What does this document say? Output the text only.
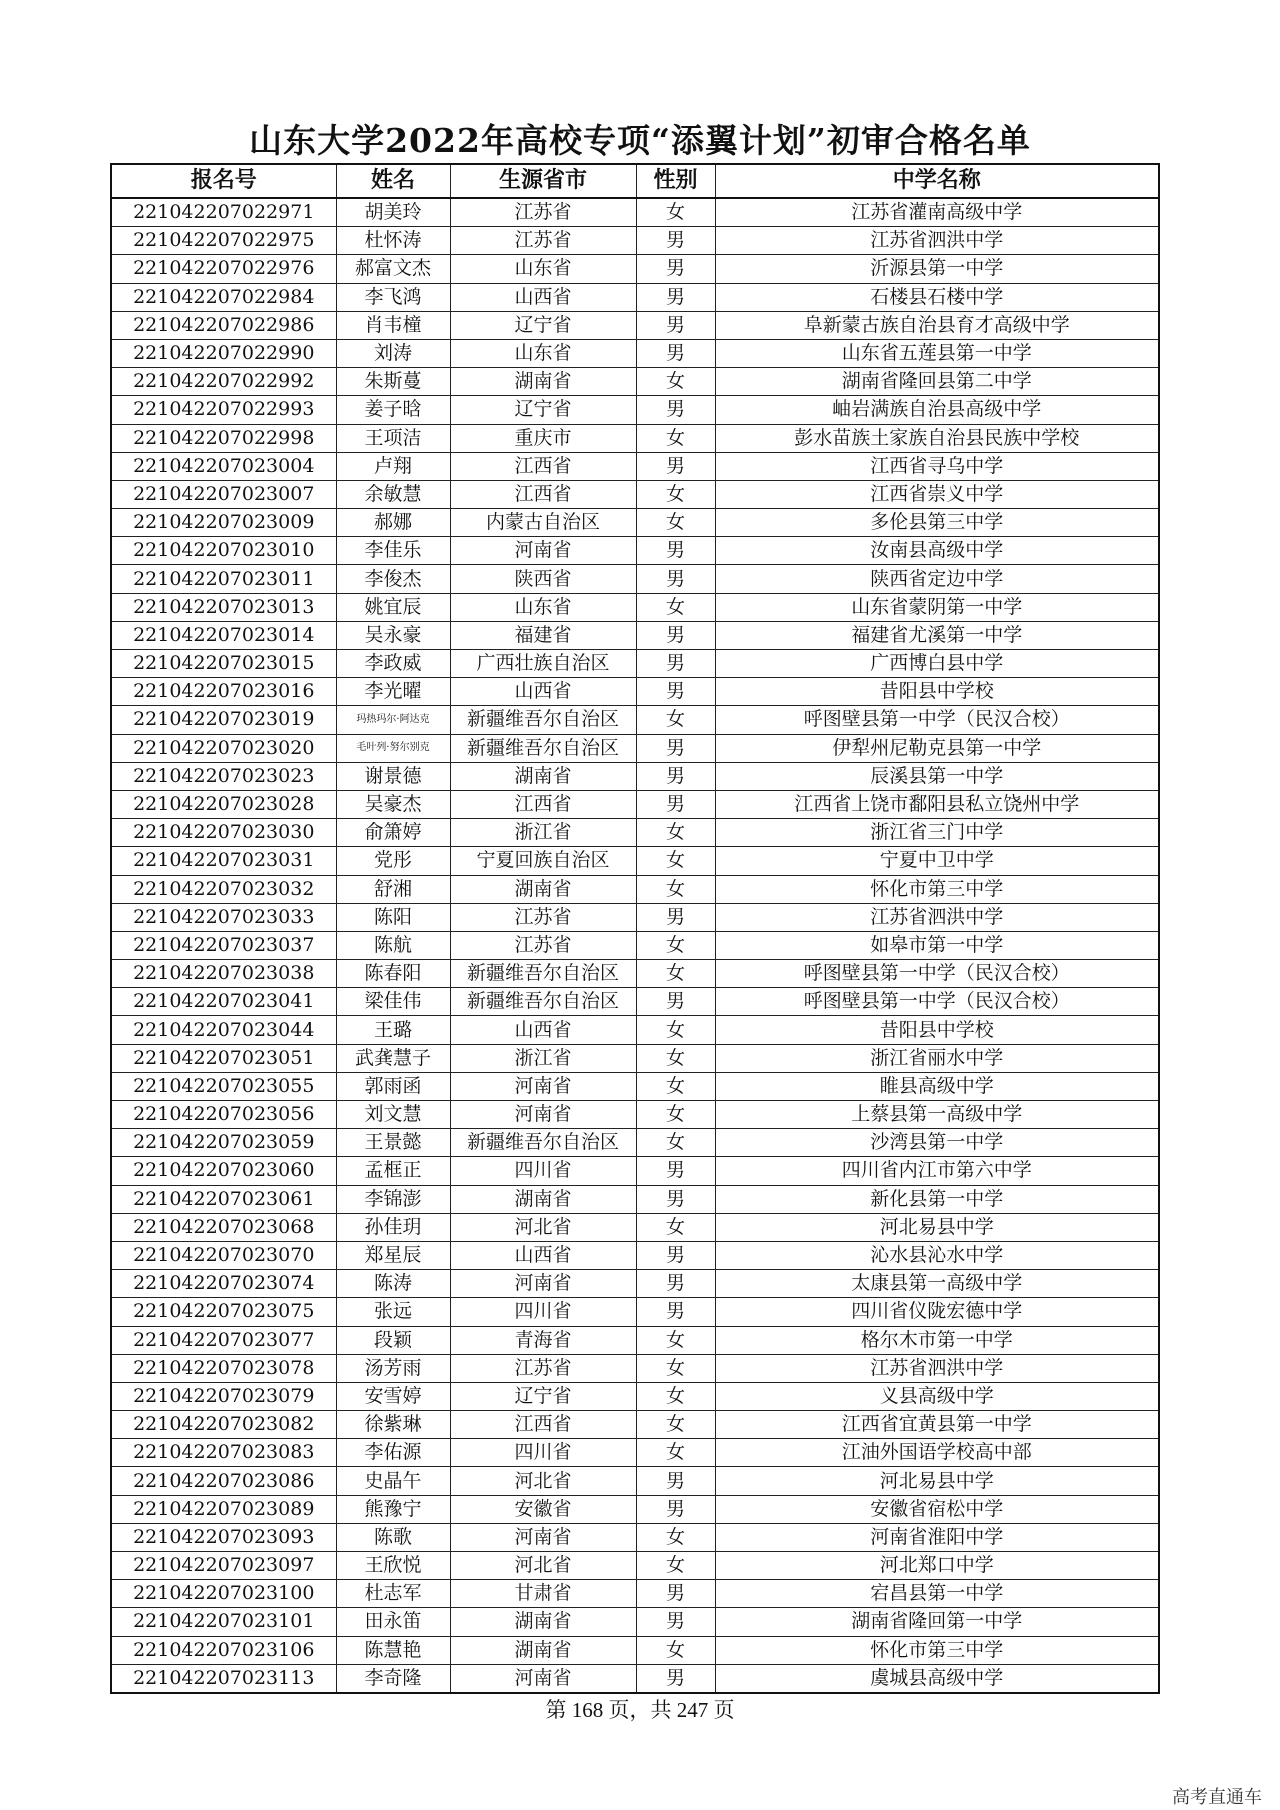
山东大学2022年高校专项“添翼计划”初审合格名单
报名号	姓名	生源省市	性别	中学名称
221042207022971	胡美玲	江苏省	女	江苏省灌南高级中学
221042207022975	杜怀涛	江苏省	男	江苏省泗洪中学
221042207022976	郝富文杰	山东省	男	沂源县第一中学
221042207022984	李飞鸿	山西省	男	石楼县石楼中学
221042207022986	肖韦橦	辽宁省	男	阜新蒙古族自治县育才高级中学
221042207022990	刘涛	山东省	男	山东省五莲县第一中学
221042207022992	朱斯蔓	湖南省	女	湖南省隆回县第二中学
221042207022993	姜子晗	辽宁省	男	岫岩满族自治县高级中学
221042207022998	王项洁	重庆市	女	彭水苗族土家族自治县民族中学校
221042207023004	卢翔	江西省	男	江西省寻乌中学
221042207023007	余敏慧	江西省	女	江西省崇义中学
221042207023009	郝娜	内蒙古自治区	女	多伦县第三中学
221042207023010	李佳乐	河南省	男	汝南县高级中学
221042207023011	李俊杰	陕西省	男	陕西省定边中学
221042207023013	姚宜辰	山东省	女	山东省蒙阴第一中学
221042207023014	吴永豪	福建省	男	福建省尤溪第一中学
221042207023015	李政威	广西壮族自治区	男	广西博白县中学
221042207023016	李光曜	山西省	男	昔阳县中学校
221042207023019	玛热玛尔·阿达克	新疆维吾尔自治区	女	呼图壁县第一中学（民汉合校）
221042207023020	毛叶列·努尔别克	新疆维吾尔自治区	男	伊犁州尼勒克县第一中学
221042207023023	谢景德	湖南省	男	辰溪县第一中学
221042207023028	吴豪杰	江西省	男	江西省上饶市鄱阳县私立饶州中学
221042207023030	俞箫婷	浙江省	女	浙江省三门中学
221042207023031	党彤	宁夏回族自治区	女	宁夏中卫中学
221042207023032	舒湘	湖南省	女	怀化市第三中学
221042207023033	陈阳	江苏省	男	江苏省泗洪中学
221042207023037	陈航	江苏省	女	如皋市第一中学
221042207023038	陈春阳	新疆维吾尔自治区	女	呼图壁县第一中学（民汉合校）
221042207023041	梁佳伟	新疆维吾尔自治区	男	呼图壁县第一中学（民汉合校）
221042207023044	王璐	山西省	女	昔阳县中学校
221042207023051	武龚慧子	浙江省	女	浙江省丽水中学
221042207023055	郭雨函	河南省	女	睢县高级中学
221042207023056	刘文慧	河南省	女	上蔡县第一高级中学
221042207023059	王景懿	新疆维吾尔自治区	女	沙湾县第一中学
221042207023060	孟框正	四川省	男	四川省内江市第六中学
221042207023061	李锦澎	湖南省	男	新化县第一中学
221042207023068	孙佳玥	河北省	女	河北易县中学
221042207023070	郑星辰	山西省	男	沁水县沁水中学
221042207023074	陈涛	河南省	男	太康县第一高级中学
221042207023075	张远	四川省	男	四川省仪陇宏德中学
221042207023077	段颖	青海省	女	格尔木市第一中学
221042207023078	汤芳雨	江苏省	女	江苏省泗洪中学
221042207023079	安雪婷	辽宁省	女	义县高级中学
221042207023082	徐紫琳	江西省	女	江西省宜黄县第一中学
221042207023083	李佑源	四川省	女	江油外国语学校高中部
221042207023086	史晶午	河北省	男	河北易县中学
221042207023089	熊豫宁	安徽省	男	安徽省宿松中学
221042207023093	陈歌	河南省	女	河南省淮阳中学
221042207023097	王欣悦	河北省	女	河北郑口中学
221042207023100	杜志军	甘肃省	男	宕昌县第一中学
221042207023101	田永笛	湖南省	男	湖南省隆回第一中学
221042207023106	陈慧艳	湖南省	女	怀化市第三中学
221042207023113	李奇隆	河南省	男	虞城县高级中学
第 168 页，共 247 页
高考直通车
